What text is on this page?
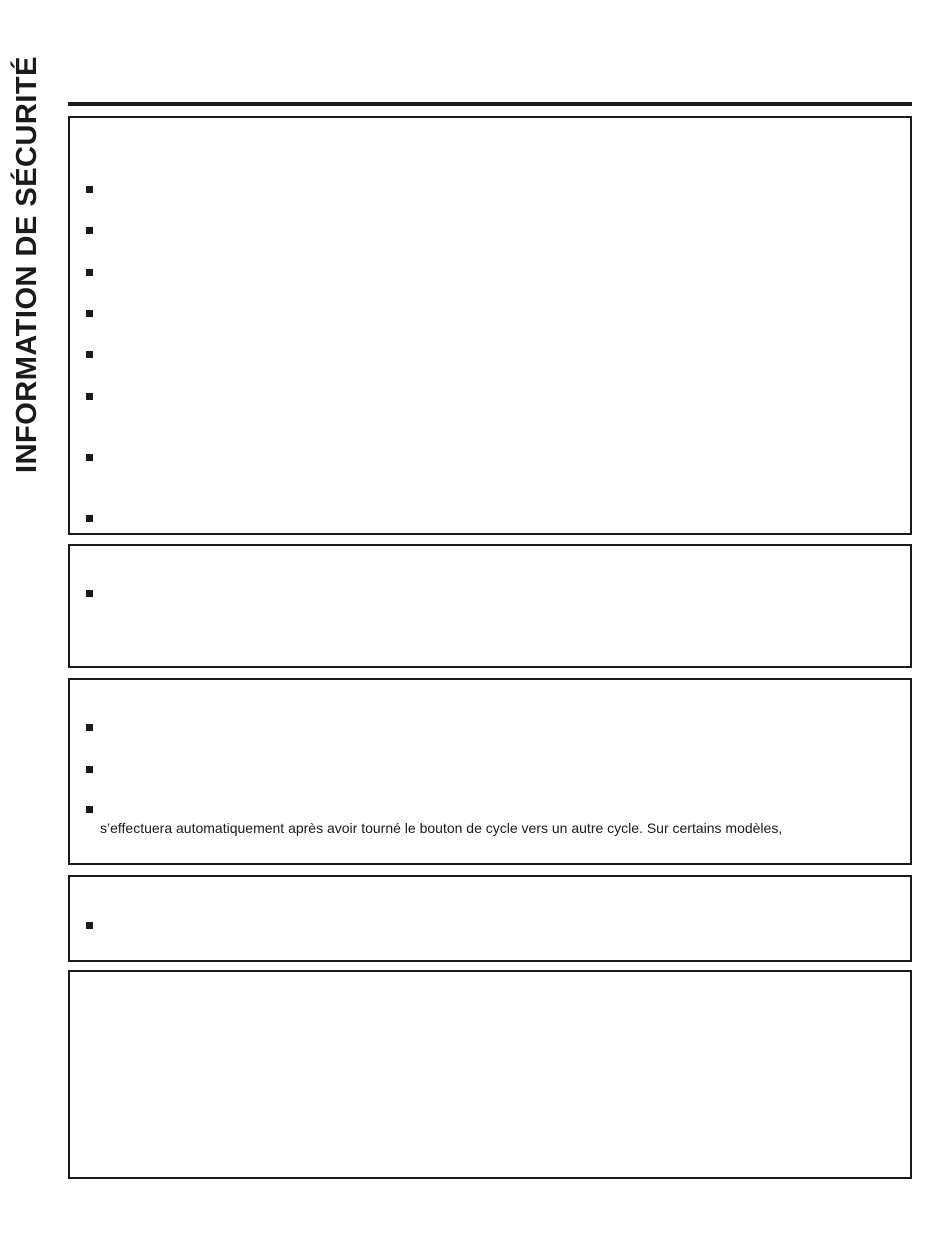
INFORMATION DE SÉCURITÉ
s’effectuera automatiquement après avoir tourné le bouton de cycle vers un autre cycle. Sur certains modèles,
